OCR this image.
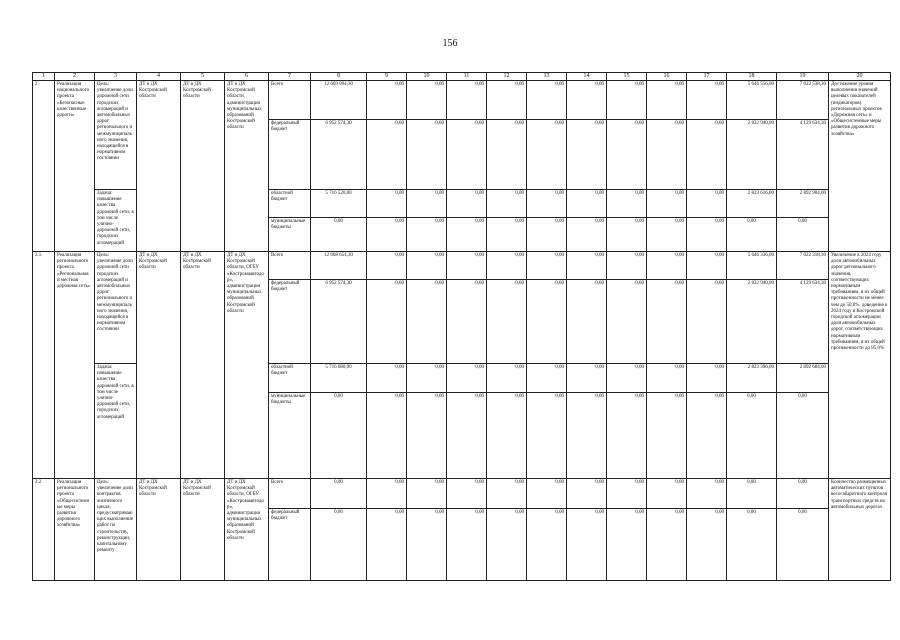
156
1	2	3	4	5	6	7	8	9	10	11	12	13	14	15	16	17	18	19	20
2.	Реализация национального проекта «Безопасные качественные дороги»	Цель: увеличение доли дорожной сети городских агломераций и автомобильных дорог регионального и межмуниципального значения, находящейся в нормативном состоянии	ДТ и ДХ Костромской области	ДТ и ДХ Костромской области	ДТ и ДХ Костромской области, администрации муниципальных образований Костромской области	Всего	12 669 094,30	0,00	0,00	0,00	0,00	0,00	0,00	0,00	0,00	0,00	5 646 556,00	7 022 538,30	Достижение уровня выполнения значений целевых показателей (индикаторов) региональных проектов «Дорожная сеть» и «Общесистемные меры развития дорожного хозяйства»
						федеральный бюджет	6 952 574,30	0,00	0,00	0,00	0,00	0,00	0,00	0,00	0,00	0,00	2 822 940,00	4 129 634,30	
		Задача: повышение качества дорожной сети, в том числе улично-дорожной сети, городских агломераций				областной бюджет	5 716 520,00	0,00	0,00	0,00	0,00	0,00	0,00	0,00	0,00	0,00	2 823 616,00	2 892 904,00	
						муниципальные бюджеты	0,00	0,00	0,00	0,00	0,00	0,00	0,00	0,00	0,00	0,00	0,00	0,00	
2.1.	Реализация регионального проекта «Региональная и местная дорожная сеть»	Цель: увеличение доли дорожной сети городских агломераций и автомобильных дорог регионального и межмуниципального значения, находящейся в нормативном состоянии	ДТ и ДХ Костромской области	ДТ и ДХ Костромской области	ДТ и ДХ Костромской области, ОГБУ «Костромаавтодор», администрации муниципальных образований Костромской области	Всего	12 668 654,30	0,00	0,00	0,00	0,00	0,00	0,00	0,00	0,00	0,00	5 646 336,00	7 022 318,30	Увеличение к 2024 году доли автомобильных дорог регионального значения, соответствующих нормативным требованиям, в их общей протяженности не менее чем до 50,0%, доведение к 2024 году в Костромской городской агломерации доли автомобильных дорог, соответствующих нормативным требованиям, в их общей протяженности до 85,0%
						федеральный бюджет	6 952 574,30	0,00	0,00	0,00	0,00	0,00	0,00	0,00	0,00	0,00	2 822 940,00	4 129 634,30	
		Задача: повышение качества дорожной сети, в том числе улично-дорожной сети, городских агломераций				областной бюджет	5 716 080,00	0,00	0,00	0,00	0,00	0,00	0,00	0,00	0,00	0,00	2 823 396,00	2 892 684,00	
						муниципальные бюджеты	0,00	0,00	0,00	0,00	0,00	0,00	0,00	0,00	0,00	0,00	0,00	0,00	
2.2.	Реализация регионального проекта «Общесистемные меры развития дорожного хозяйства»	Цель: увеличение доли контрактов жизненного цикла, предусматривающих выполнение работ по строительству, реконструкции, капитальному ремонту	ДТ и ДХ Костромской области	ДТ и ДХ Костромской области	ДТ и ДХ Костромской области, ОГБУ «Костромаавтодор», администрации муниципальных образований Костромской области	Всего	0,00	0,00	0,00	0,00	0,00	0,00	0,00	0,00	0,00	0,00	0,00	0,00	Количество размещенных автоматических пунктов весогабаритного контроля транспортных средств на автомобильных дорогах
						федеральный бюджет	0,00	0,00	0,00	0,00	0,00	0,00	0,00	0,00	0,00	0,00	0,00	0,00	
